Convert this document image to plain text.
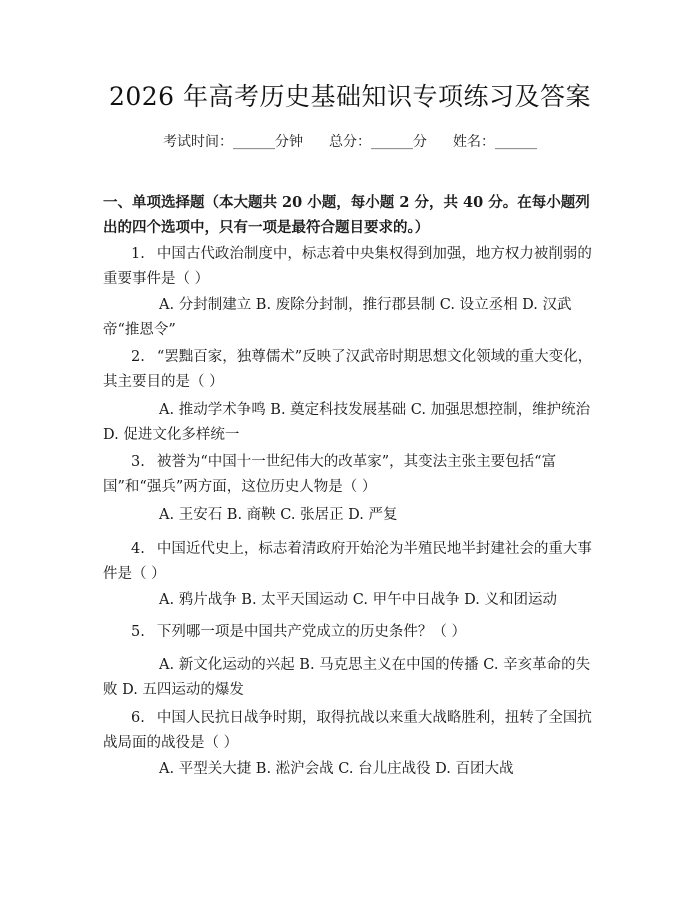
2026 年高考历史基础知识专项练习及答案
考试时间：______分钟 总分：______分 姓名：______
一、单项选择题（本大题共 20 小题，每小题 2 分，共 40 分。在每小题列出的四个选项中，只有一项是最符合题目要求的。）
1. 中国古代政治制度中，标志着中央集权得到加强，地方权力被削弱的重要事件是（ ）
A. 分封制建立 B. 废除分封制，推行郡县制 C. 设立丞相 D. 汉武帝“推恩令”
2. “罢黜百家，独尊儒术”反映了汉武帝时期思想文化领域的重大变化，其主要目的是（ ）
A. 推动学术争鸣 B. 奠定科技发展基础 C. 加强思想控制，维护统治 D. 促进文化多样统一
3. 被誉为“中国十一世纪伟大的改革家”，其变法主张主要包括“富国”和“强兵”两方面，这位历史人物是（ ）
A. 王安石 B. 商鞅 C. 张居正 D. 严复
4. 中国近代史上，标志着清政府开始沦为半殖民地半封建社会的重大事件是（ ）
A. 鸦片战争 B. 太平天国运动 C. 甲午中日战争 D. 义和团运动
5. 下列哪一项是中国共产党成立的历史条件？（ ）
A. 新文化运动的兴起 B. 马克思主义在中国的传播 C. 辛亥革命的失败 D. 五四运动的爆发
6. 中国人民抗日战争时期，取得抗战以来重大战略胜利，扭转了全国抗战局面的战役是（ ）
A. 平型关大捷 B. 淞沪会战 C. 台儿庄战役 D. 百团大战
